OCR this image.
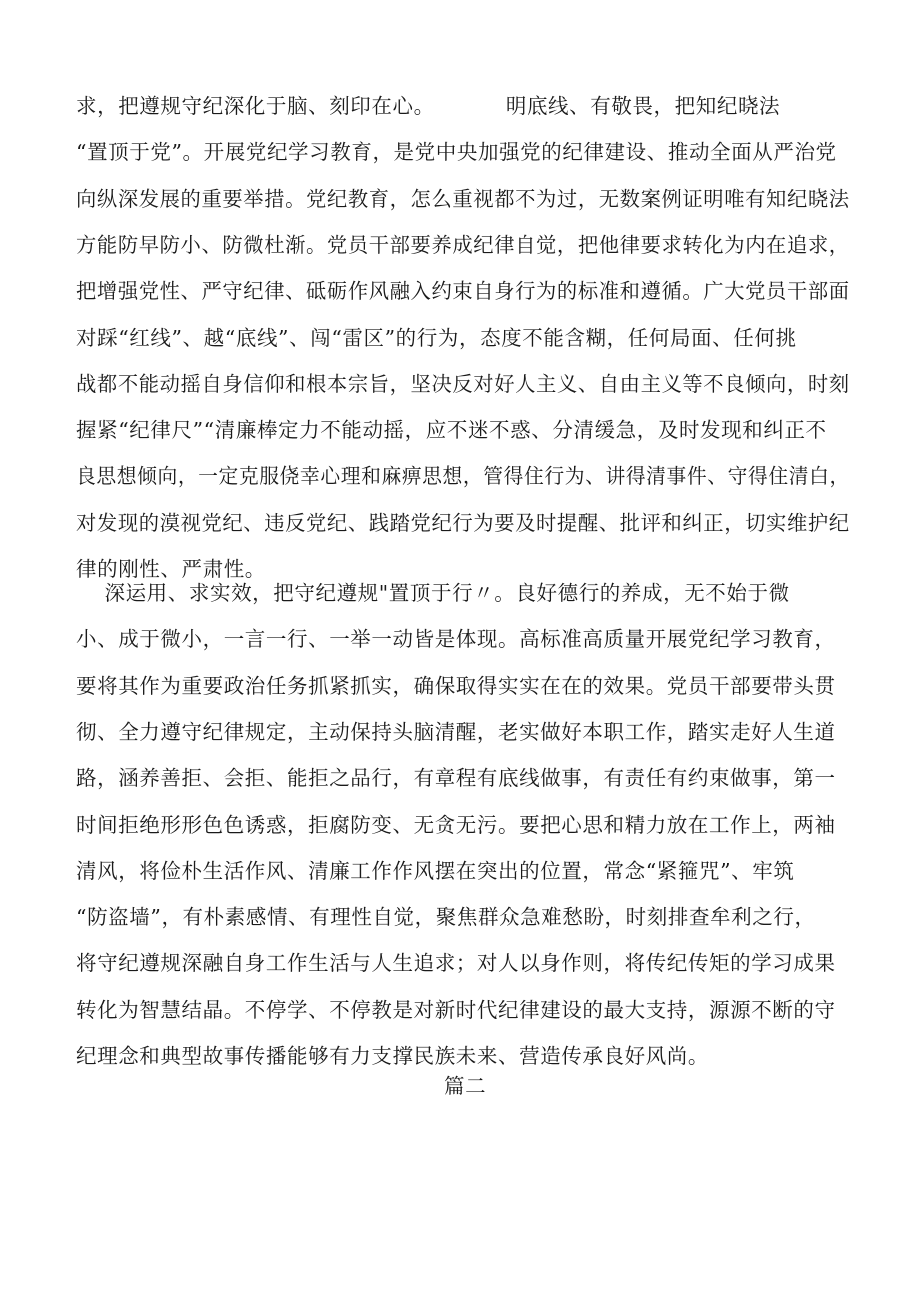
求，把遵规守纪深化于脑、刻印在心。          明底线、有敬畏，把知纪晓法
“置顶于党”。开展党纪学习教育，是党中央加强党的纪律建设、推动全面从严治党
向纵深发展的重要举措。党纪教育，怎么重视都不为过，无数案例证明唯有知纪晓法
方能防早防小、防微杜渐。党员干部要养成纪律自觉，把他律要求转化为内在追求，
把增强党性、严守纪律、砥砺作风融入约束自身行为的标准和遵循。广大党员干部面
对踩“红线”、越“底线”、闯“雷区”的行为，态度不能含糊，任何局面、任何挑
战都不能动摇自身信仰和根本宗旨，坚决反对好人主义、自由主义等不良倾向，时刻
握紧“纪律尺”“清廉棒定力不能动摇，应不迷不惑、分清缓急，及时发现和纠正不
良思想倾向，一定克服侥幸心理和麻痹思想，管得住行为、讲得清事件、守得住清白，
对发现的漠视党纪、违反党纪、践踏党纪行为要及时提醒、批评和纠正，切实维护纪
律的刚性、严肃性。
深运用、求实效，把守纪遵规"置顶于行〃。良好德行的养成，无不始于微
小、成于微小，一言一行、一举一动皆是体现。高标准高质量开展党纪学习教育，
要将其作为重要政治任务抓紧抓实，确保取得实实在在的效果。党员干部要带头贯
彻、全力遵守纪律规定，主动保持头脑清醒，老实做好本职工作，踏实走好人生道
路，涵养善拒、会拒、能拒之品行，有章程有底线做事，有责任有约束做事，第一
时间拒绝形形色色诱惑，拒腐防变、无贪无污。要把心思和精力放在工作上，两袖
清风，将俭朴生活作风、清廉工作作风摆在突出的位置，常念“紧箍咒”、牢筑
“防盗墙”，有朴素感情、有理性自觉，聚焦群众急难愁盼，时刻排查牟利之行，
将守纪遵规深融自身工作生活与人生追求；对人以身作则，将传纪传矩的学习成果
转化为智慧结晶。不停学、不停教是对新时代纪律建设的最大支持，源源不断的守
纪理念和典型故事传播能够有力支撑民族未来、营造传承良好风尚。
篇二
